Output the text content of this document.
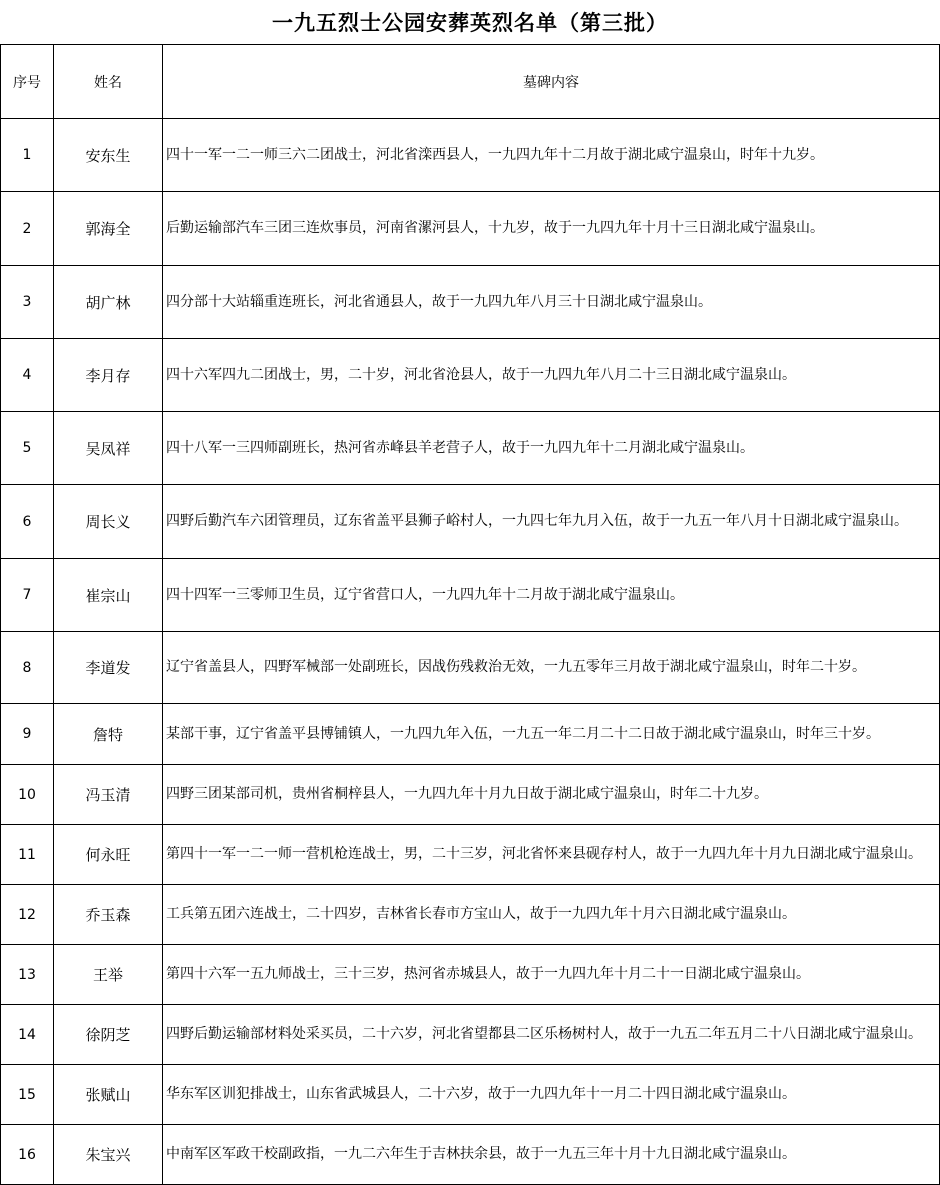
一九五烈士公园安葬英烈名单（第三批）
序号	姓名	墓碑内容
1	安东生	四十一军一二一师三六二团战士，河北省滦西县人，一九四九年十二月故于湖北咸宁温泉山，时年十九岁。
2	郭海全	后勤运输部汽车三团三连炊事员，河南省漯河县人，十九岁，故于一九四九年十月十三日湖北咸宁温泉山。
3	胡广林	四分部十大站辎重连班长，河北省通县人，故于一九四九年八月三十日湖北咸宁温泉山。
4	李月存	四十六军四九二团战士，男，二十岁，河北省沧县人，故于一九四九年八月二十三日湖北咸宁温泉山。
5	吴凤祥	四十八军一三四师副班长，热河省赤峰县羊老营子人，故于一九四九年十二月湖北咸宁温泉山。
6	周长义	四野后勤汽车六团管理员，辽东省盖平县狮子峪村人，一九四七年九月入伍，故于一九五一年八月十日湖北咸宁温泉山。
7	崔宗山	四十四军一三零师卫生员，辽宁省营口人，一九四九年十二月故于湖北咸宁温泉山。
8	李道发	辽宁省盖县人，四野军械部一处副班长，因战伤残救治无效，一九五零年三月故于湖北咸宁温泉山，时年二十岁。
9	詹特	某部干事，辽宁省盖平县博铺镇人，一九四九年入伍，一九五一年二月二十二日故于湖北咸宁温泉山，时年三十岁。
10	冯玉清	四野三团某部司机，贵州省桐梓县人，一九四九年十月九日故于湖北咸宁温泉山，时年二十九岁。
11	何永旺	第四十一军一二一师一营机枪连战士，男，二十三岁，河北省怀来县砚存村人，故于一九四九年十月九日湖北咸宁温泉山。
12	乔玉森	工兵第五团六连战士，二十四岁，吉林省长春市方宝山人，故于一九四九年十月六日湖北咸宁温泉山。
13	王举	第四十六军一五九师战士，三十三岁，热河省赤城县人，故于一九四九年十月二十一日湖北咸宁温泉山。
14	徐阴芝	四野后勤运输部材料处采买员，二十六岁，河北省望都县二区乐杨树村人，故于一九五二年五月二十八日湖北咸宁温泉山。
15	张赋山	华东军区训犯排战士，山东省武城县人，二十六岁，故于一九四九年十一月二十四日湖北咸宁温泉山。
16	朱宝兴	中南军区军政干校副政指，一九二六年生于吉林扶余县，故于一九五三年十月十九日湖北咸宁温泉山。
